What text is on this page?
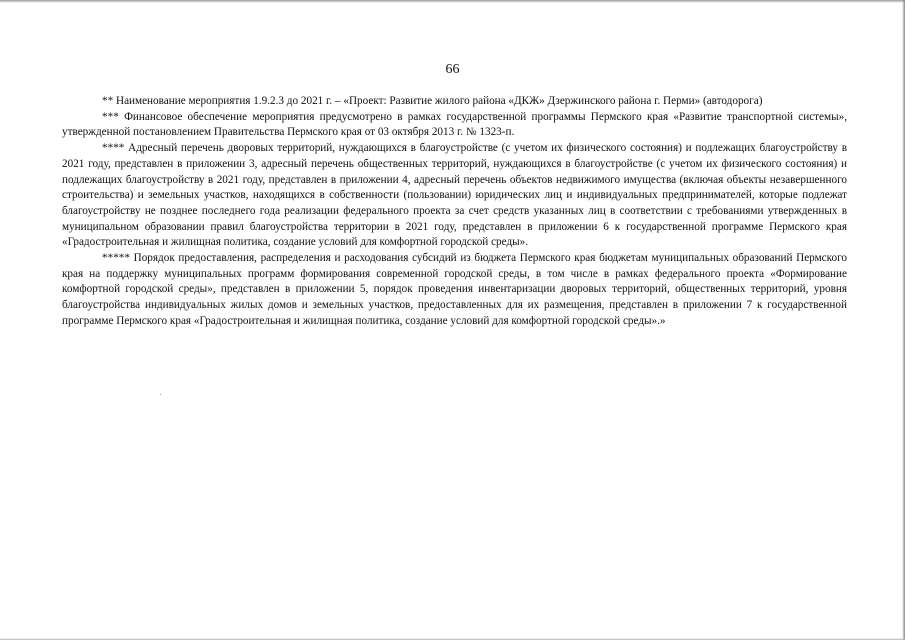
66

** Наименование мероприятия 1.9.2.3 до 2021 г. – «Проект: Развитие жилого района «ДКЖ» Дзержинского района г. Перми» (автодорога)

*** Финансовое обеспечение мероприятия предусмотрено в рамках государственной программы Пермского края «Развитие транспортной системы», утвержденной постановлением Правительства Пермского края от 03 октября 2013 г. № 1323-п.

**** Адресный перечень дворовых территорий, нуждающихся в благоустройстве (с учетом их физического состояния) и подлежащих благоустройству в 2021 году, представлен в приложении 3, адресный перечень общественных территорий, нуждающихся в благоустройстве (с учетом их физического состояния) и подлежащих благоустройству в 2021 году, представлен в приложении 4, адресный перечень объектов недвижимого имущества (включая объекты незавершенного строительства) и земельных участков, находящихся в собственности (пользовании) юридических лиц и индивидуальных предпринимателей, которые подлежат благоустройству не позднее последнего года реализации федерального проекта за счет средств указанных лиц в соответствии с требованиями утвержденных в муниципальном образовании правил благоустройства территории в 2021 году, представлен в приложении 6 к государственной программе Пермского края «Градостроительная и жилищная политика, создание условий для комфортной городской среды».

***** Порядок предоставления, распределения и расходования субсидий из бюджета Пермского края бюджетам муниципальных образований Пермского края на поддержку муниципальных программ формирования современной городской среды, в том числе в рамках федерального проекта «Формирование комфортной городской среды», представлен в приложении 5, порядок проведения инвентаризации дворовых территорий, общественных территорий, уровня благоустройства индивидуальных жилых домов и земельных участков, предоставленных для их размещения, представлен в приложении 7 к государственной программе Пермского края «Градостроительная и жилищная политика, создание условий для комфортной городской среды».»
